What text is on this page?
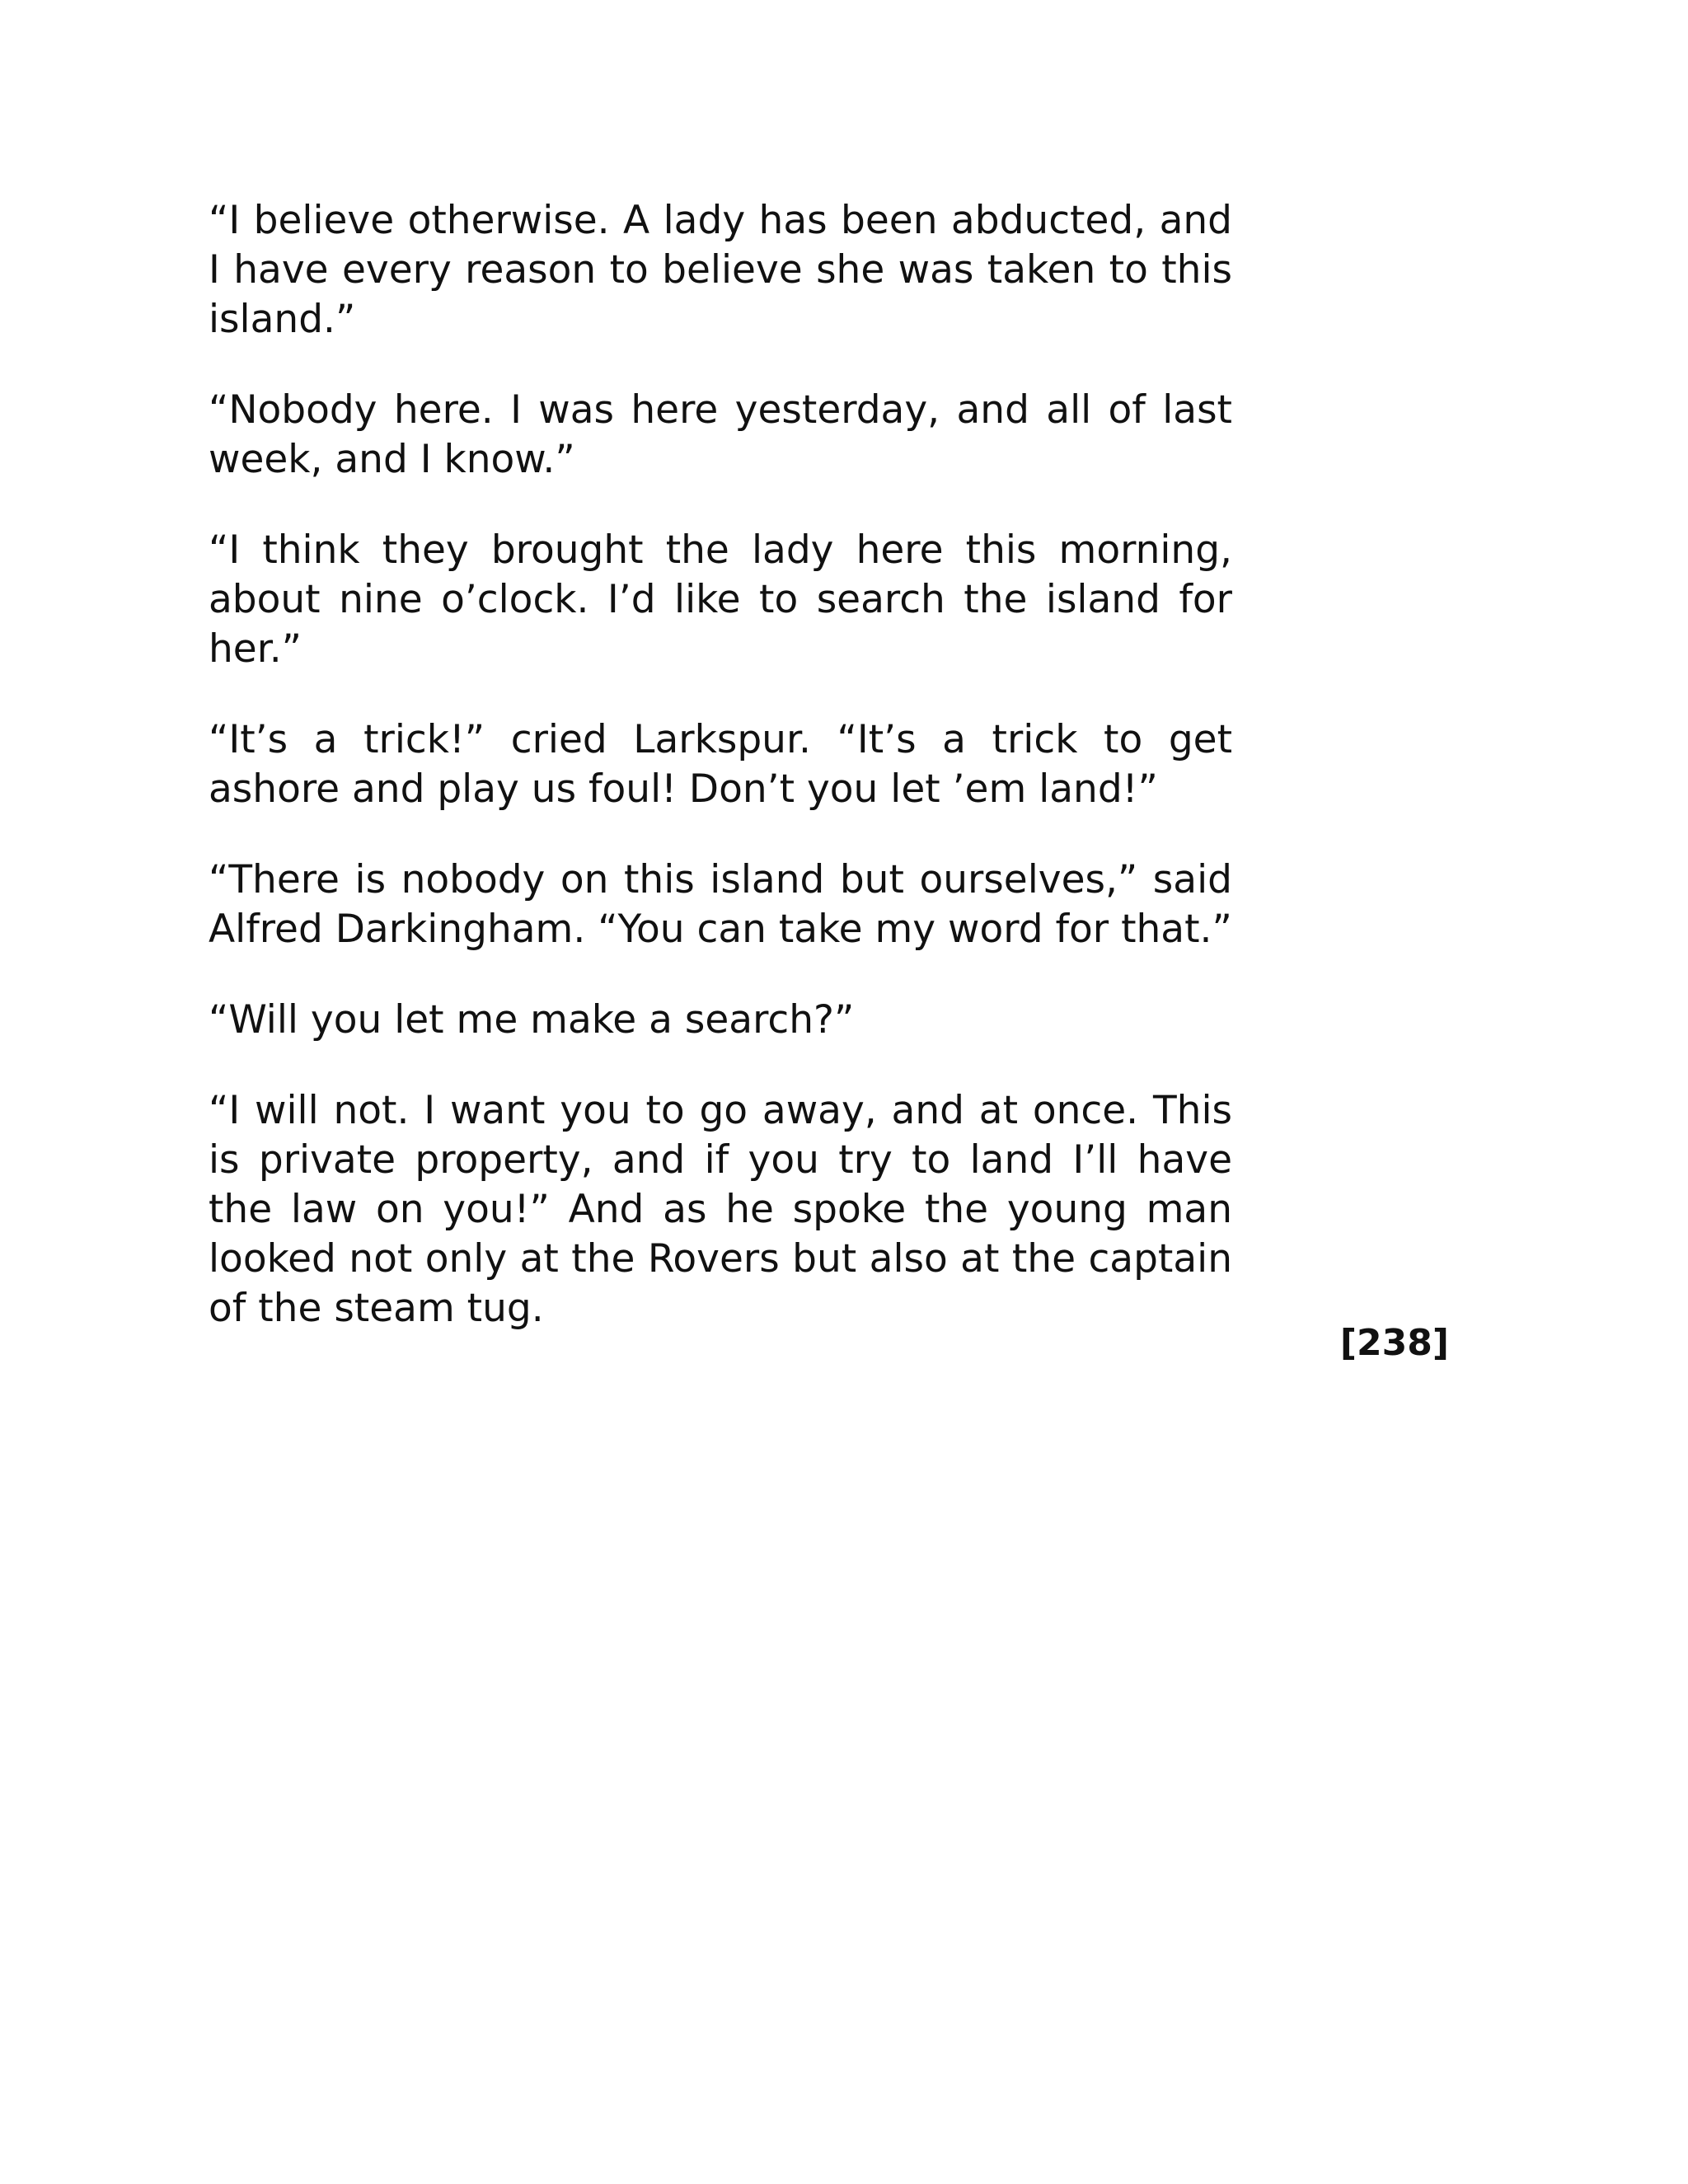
“I believe otherwise. A lady has been abducted, and I have every reason to believe she was taken to this island.”

“Nobody here. I was here yesterday, and all of last week, and I know.”

“I think they brought the lady here this morning, about nine o’clock. I’d like to search the island for her.”

“It’s a trick!” cried Larkspur. “It’s a trick to get ashore and play us foul! Don’t you let ’em land!”

“There is nobody on this island but ourselves,” said Alfred Darkingham. “You can take my word for that.”

“Will you let me make a search?”

“I will not. I want you to go away, and at once. This is private property, and if you try to land I’ll have the law on you!” And as he spoke the young man looked not only at the Rovers but also at the captain of the steam tug.

[238]
